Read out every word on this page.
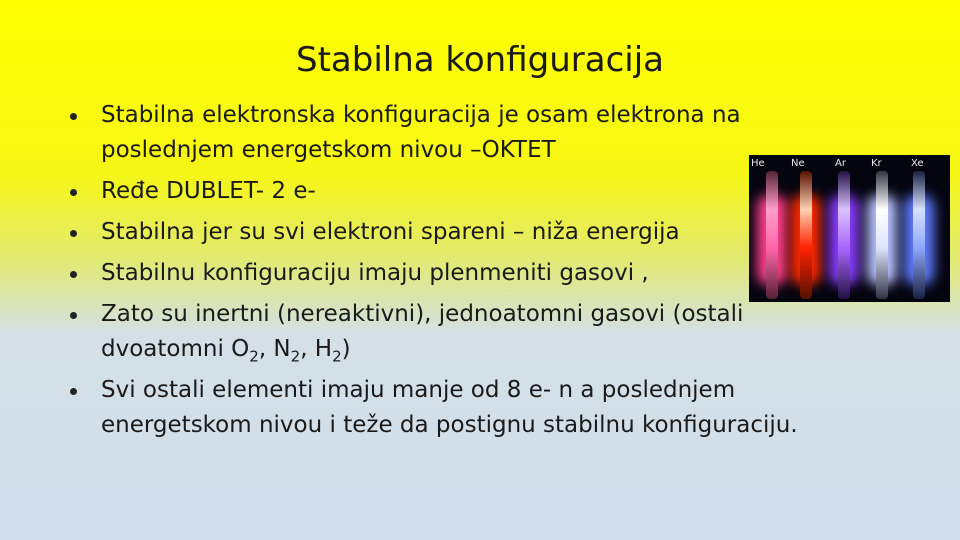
Stabilna konfiguracija
Stabilna elektronska konfiguracija je osam elektrona na poslednjem energetskom nivou –OKTET
Ređe DUBLET- 2 e-
Stabilna jer su svi elektroni spareni – niža energija
Stabilnu konfiguraciju imaju plenmeniti gasovi ,
Zato su inertni (nereaktivni), jednoatomni gasovi (ostali dvoatomni $O_2$, $N_2$, $H_2$)
Svi ostali elementi imaju manje od 8 e- n a poslednjem energetskom nivou i teže da postignu stabilnu konfiguraciju.
He	Ne	Ar	Kr	Xe
